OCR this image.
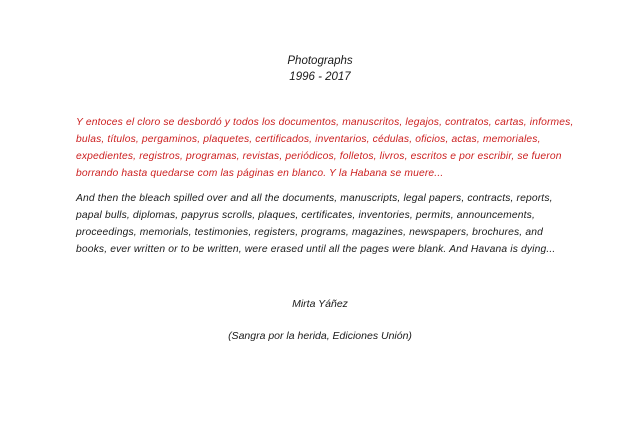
Photographs
1996 - 2017

Y entoces el cloro se desbordó y todos los documentos, manuscritos, legajos, contratos, cartas, informes, bulas, títulos, pergaminos, plaquetes, certificados, inventarios, cédulas, oficios, actas, memoriales, expedientes, registros, programas, revistas, periódicos, folletos, livros, escritos e por escribir, se fueron borrando hasta quedarse com las páginas en blanco. Y la Habana se muere...

And then the bleach spilled over and all the documents, manuscripts, legal papers, contracts, reports, papal bulls, diplomas, papyrus scrolls, plaques, certificates, inventories, permits, announcements, proceedings, memorials, testimonies, registers, programs, magazines, newspapers, brochures, and books, ever written or to be written, were erased until all the pages were blank. And Havana is dying...

Mirta Yáñez
(Sangra por la herida, Ediciones Unión)
